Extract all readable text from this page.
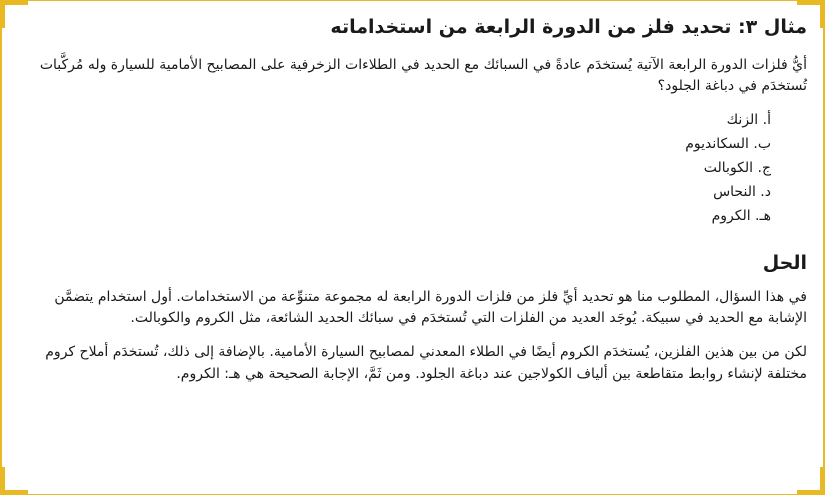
مثال ٣: تحديد فلز من الدورة الرابعة من استخداماته

أيُّ فلزات الدورة الرابعة الآتية يُستخدَم عادةً في السبائك مع الحديد في الطلاءات الزخرفية على المصابيح الأمامية للسيارة وله مُركَّبات تُستخدَم في دباغة الجلود؟

أ. الزنك
ب. السكانديوم
ج. الكوبالت
د. النحاس
هـ. الكروم
الحل

في هذا السؤال، المطلوب منا هو تحديد أيِّ فلز من فلزات الدورة الرابعة له مجموعة متنوِّعة من الاستخدامات. أول استخدام يتضمَّن الإشابة مع الحديد في سبيكة. يُوجَد العديد من الفلزات التي تُستخدَم في سبائك الحديد الشائعة، مثل الكروم والكوبالت.

لكن من بين هذين الفلزين، يُستخدَم الكروم أيضًا في الطلاء المعدني لمصابيح السيارة الأمامية. بالإضافة إلى ذلك، تُستخدَم أملاح كروم مختلفة لإنشاء روابط متقاطعة بين ألياف الكولاجين عند دباغة الجلود. ومن ثَمَّ، الإجابة الصحيحة هي هـ: الكروم.
